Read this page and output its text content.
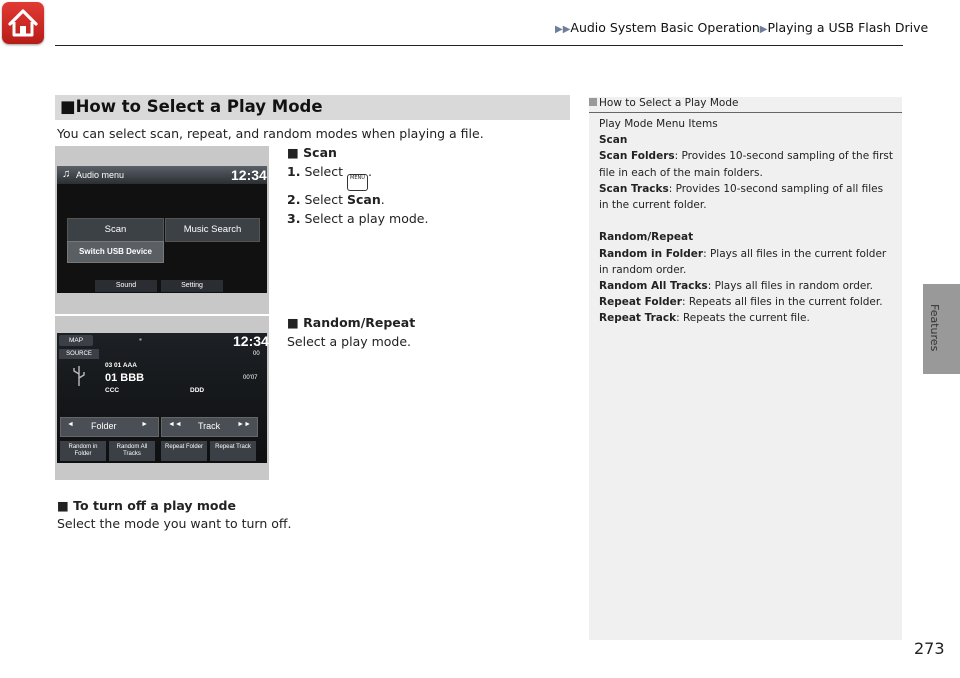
▶▶Audio System Basic Operation▶Playing a USB Flash Drive
Features
■How to Select a Play Mode
You can select scan, repeat, and random modes when playing a file.
♫ Audio menu	12:34
Scan	Music Search
Switch USB Device
Sound	Setting
MAP	▪	12:34
SOURCE	00
03 01 AAA
01 BBB
CCC	DDD
00'07
◄ Folder	►	◄◄ Track ►►
Random in Folder
Random All Tracks
Repeat Folder	Repeat Track
■ Scan
1. Select MENU .
2. Select Scan.
3. Select a play mode.
■ Random/Repeat
Select a play mode.
■ To turn off a play mode
Select the mode you want to turn off.
How to Select a Play Mode

Play Mode Menu Items

Scan

Scan Folders: Provides 10-second sampling of the first file in each of the main folders.

Scan Tracks: Provides 10-second sampling of all files in the current folder.

Random/Repeat

Random in Folder: Plays all files in the current folder in random order.

Random All Tracks: Plays all files in random order.

Repeat Folder: Repeats all files in the current folder.

Repeat Track: Repeats the current file.

273
